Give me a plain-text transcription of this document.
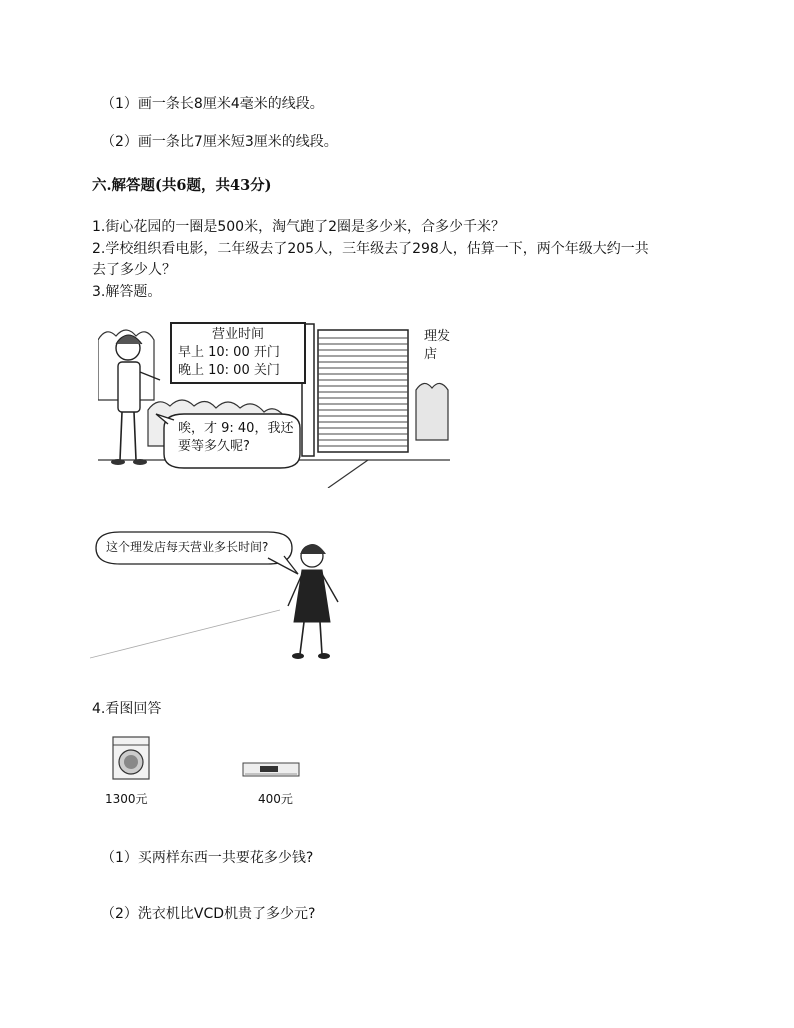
（1）画一条长8厘米4毫米的线段。
（2）画一条比7厘米短3厘米的线段。
六.解答题(共6题，共43分)
1.街心花园的一圈是500米，淘气跑了2圈是多少米，合多少千米？
2.学校组织看电影，二年级去了205人，三年级去了298人，估算一下，两个年级大约一共
去了多少人？
3.解答题。
营业时间
早上 10: 00 开门
晚上 10: 00 关门
理发店
唉，才 9: 40，我还
要等多久呢?
这个理发店每天营业多长时间?
4.看图回答
1300元	400元
（1）买两样东西一共要花多少钱?
（2）洗衣机比VCD机贵了多少元?
